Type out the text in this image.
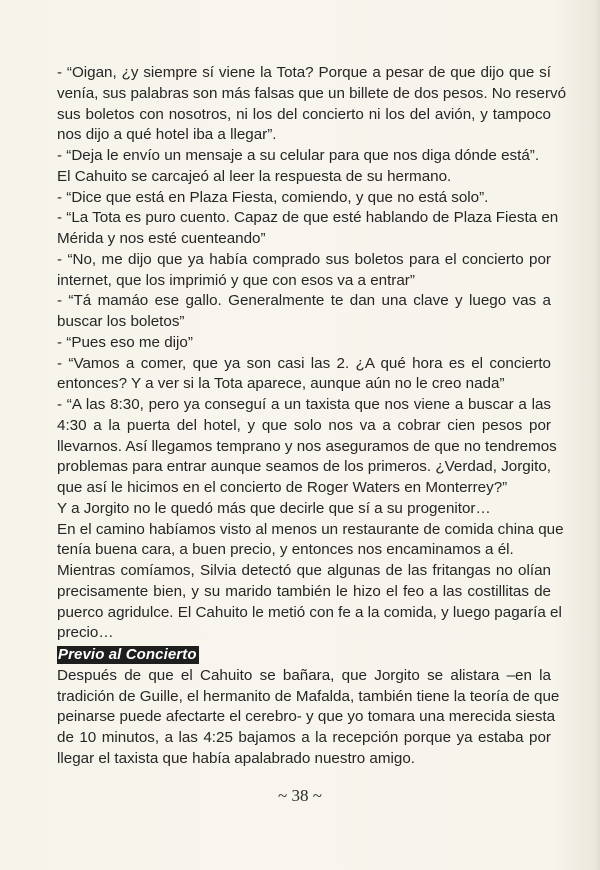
- “Oigan, ¿y siempre sí viene la Tota? Porque a pesar de que dijo que sí
venía, sus palabras son más falsas que un billete de dos pesos. No reservó
sus boletos con nosotros, ni los del concierto ni los del avión, y tampoco
nos dijo a qué hotel iba a llegar”.
- “Deja le envío un mensaje a su celular para que nos diga dónde está”.
El Cahuito se carcajeó al leer la respuesta de su hermano.
- “Dice que está en Plaza Fiesta, comiendo, y que no está solo”.
- “La Tota es puro cuento. Capaz de que esté hablando de Plaza Fiesta en
Mérida y nos esté cuenteando”
- “No, me dijo que ya había comprado sus boletos para el concierto por
internet, que los imprimió y que con esos va a entrar”
- “Tá mamáo ese gallo. Generalmente te dan una clave y luego vas a
buscar los boletos”
- “Pues eso me dijo”
- “Vamos a comer, que ya son casi las 2. ¿A qué hora es el concierto
entonces? Y a ver si la Tota aparece, aunque aún no le creo nada”
- “A las 8:30, pero ya conseguí a un taxista que nos viene a buscar a las
4:30 a la puerta del hotel, y que solo nos va a cobrar cien pesos por
llevarnos. Así llegamos temprano y nos aseguramos de que no tendremos
problemas para entrar aunque seamos de los primeros. ¿Verdad, Jorgito,
que así le hicimos en el concierto de Roger Waters en Monterrey?”
Y a Jorgito no le quedó más que decirle que sí a su progenitor…
En el camino habíamos visto al menos un restaurante de comida china que
tenía buena cara, a buen precio, y entonces nos encaminamos a él.
Mientras comíamos, Silvia detectó que algunas de las fritangas no olían
precisamente bien, y su marido también le hizo el feo a las costillitas de
puerco agridulce. El Cahuito le metió con fe a la comida, y luego pagaría el
precio…
Previo al Concierto
Después de que el Cahuito se bañara, que Jorgito se alistara –en la
tradición de Guille, el hermanito de Mafalda, también tiene la teoría de que
peinarse puede afectarte el cerebro- y que yo tomara una merecida siesta
de 10 minutos, a las 4:25 bajamos a la recepción porque ya estaba por
llegar el taxista que había apalabrado nuestro amigo.
~ 38 ~
